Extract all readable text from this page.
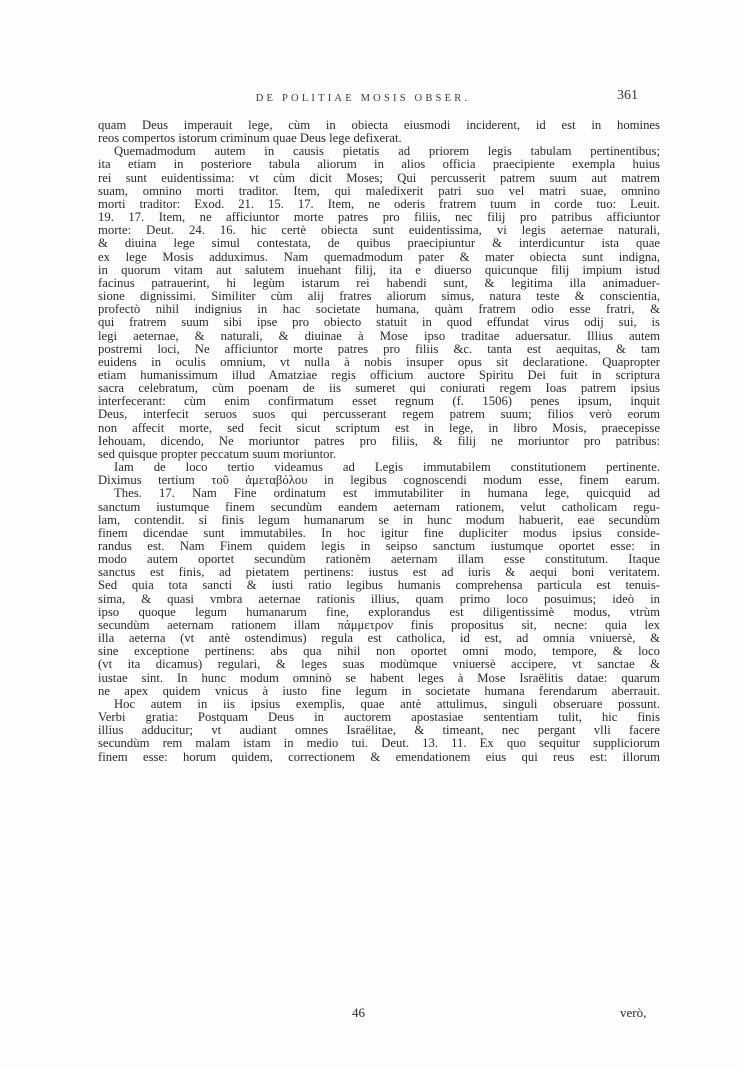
DE POLITIAE MOSIS OBSER.	361
quam Deus imperauit lege, cùm in obiecta eiusmodi inciderent, id est in homines
reos compertos istorum criminum quae Deus lege defixerat.
Quemadmodum autem in causis pietatis ad priorem legis tabulam pertinentibus;
ita etiam in posteriore tabula aliorum in alios officia praecipiente exempla huius
rei sunt euidentissima: vt cùm dicit Moses; Qui percusserit patrem suum aut matrem
suam, omnino morti traditor. Item, qui maledixerit patri suo vel matri suae, omnino
morti traditor: Exod. 21. 15. 17. Item, ne oderis fratrem tuum in corde tuo: Leuit.
19. 17. Item, ne afficiuntor morte patres pro filiis, nec filij pro patribus afficiuntor
morte: Deut. 24. 16. hic certè obiecta sunt euidentissima, vi legis aeternae naturali,
& diuina lege simul contestata, de quibus praecipiuntur & interdicuntur ista quae
ex lege Mosis adduximus. Nam quemadmodum pater & mater obiecta sunt indigna,
in quorum vitam aut salutem inuehant filij, ita e diuerso quicunque filij impium istud
facinus patrauerint, hi legùm istarum rei habendi sunt, & legitima illa animaduer-
sione dignissimi. Similiter cùm alij fratres aliorum simus, natura teste & conscientia,
profectò nihil indignius in hac societate humana, quàm fratrem odio esse fratri, &
qui fratrem suum sibi ipse pro obiecto statuit in quod effundat virus odij sui, is
legi aeternae, & naturali, & diuinae à Mose ipso traditae aduersatur. Illius autem
postremi loci, Ne afficiuntor morte patres pro filiis &c. tanta est aequitas, & tam
euidens in oculis omnium, vt nulla à nobis insuper opus sit declaratione. Quapropter
etiam humanissimum illud Amatziae regis officium auctore Spiritu Dei fuit in scriptura
sacra celebratum, cùm poenam de iis sumeret qui coniurati regem Ioas patrem ipsius
interfecerant: cùm enim confirmatum esset regnum (f. 1506) penes ipsum, inquit
Deus, interfecit seruos suos qui percusserant regem patrem suum; filios verò eorum
non affecit morte, sed fecit sicut scriptum est in lege, in libro Mosis, praecepisse
Iehouam, dicendo, Ne moriuntor patres pro filiis, & filij ne moriuntor pro patribus:
sed quisque propter peccatum suum moriuntor.
Iam de loco tertio videamus ad Legis immutabilem constitutionem pertinente.
Diximus tertium τοῦ ἀμεταβόλου in legibus cognoscendi modum esse, finem earum.
Thes. 17. Nam Fine ordinatum est immutabiliter in humana lege, quicquid ad
sanctum iustumque finem secundùm eandem aeternam rationem, velut catholicam regu-
lam, contendit. si finis legum humanarum se in hunc modum habuerit, eae secundùm
finem dicendae sunt immutabiles. In hoc igitur fine dupliciter modus ipsius conside-
randus est. Nam Finem quidem legis in seipso sanctum iustumque oportet esse: in
modo autem oportet secundùm rationèm aeternam illam esse constitutum. Itaque
sanctus est finis, ad pietatem pertinens: iustus est ad iuris & aequi boni veritatem.
Sed quia tota sancti & iusti ratio legibus humanis comprehensa particula est tenuis-
sima, & quasi vmbra aeternae rationis illius, quam primo loco posuimus; ideò in
ipso quoque legum humanarum fine, explorandus est diligentissimè modus, vtrùm
secundùm aeternam rationem illam πάμμετρον finis propositus sit, necne: quia lex
illa aeterna (vt antè ostendimus) regula est catholica, id est, ad omnia vniuersè, &
sine exceptione pertinens: abs qua nihil non oportet omni modo, tempore, & loco
(vt ita dicamus) regulari, & leges suas modùmque vniuersè accipere, vt sanctae &
iustae sint. In hunc modum omninò se habent leges à Mose Israëlitis datae: quarum
ne apex quidem vnicus à iusto fine legum in societate humana ferendarum aberrauit.
Hoc autem in iis ipsius exemplis, quae antè attulimus, singuli obseruare possunt.
Verbi gratia: Postquam Deus in auctorem apostasiae sententiam tulit, hic finis
illius adducitur; vt audiant omnes Israëlitae, & timeant, nec pergant vlli facere
secundùm rem malam istam in medio tui. Deut. 13. 11. Ex quo sequitur suppliciorum
finem esse: horum quidem, correctionem & emendationem eius qui reus est: illorum
46	verò,
